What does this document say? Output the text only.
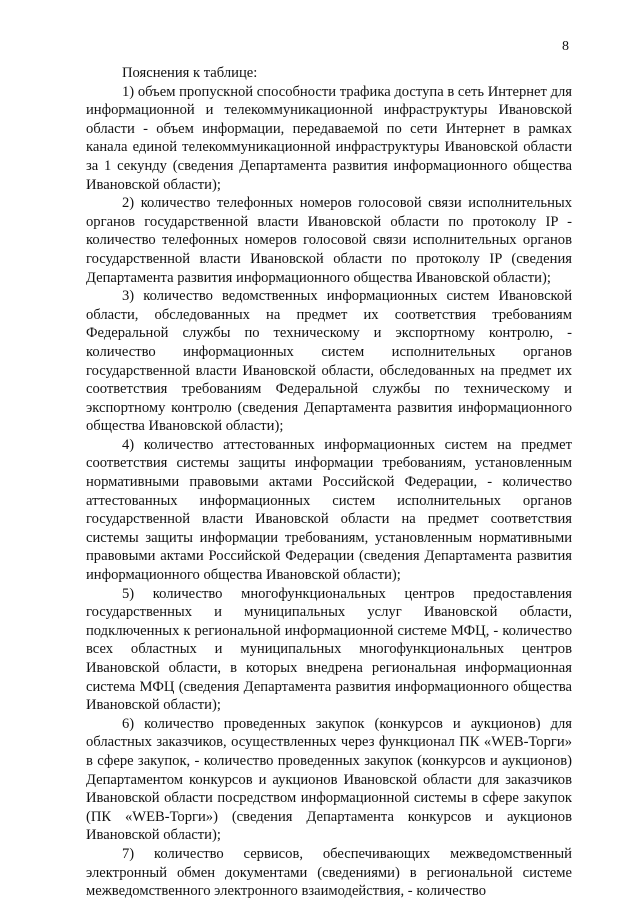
8

Пояснения к таблице:

1) объем пропускной способности трафика доступа в сеть Интернет для информационной и телекоммуникационной инфраструктуры Ивановской области - объем информации, передаваемой по сети Интернет в рамках канала единой телекоммуникационной инфраструктуры Ивановской области за 1 секунду (сведения Департамента развития информационного общества Ивановской области);

2) количество телефонных номеров голосовой связи исполнительных органов государственной власти Ивановской области по протоколу IP - количество телефонных номеров голосовой связи исполнительных органов государственной власти Ивановской области по протоколу IP (сведения Департамента развития информационного общества Ивановской области);

3) количество ведомственных информационных систем Ивановской области, обследованных на предмет их соответствия требованиям Федеральной службы по техническому и экспортному контролю, - количество информационных систем исполнительных органов государственной власти Ивановской области, обследованных на предмет их соответствия требованиям Федеральной службы по техническому и экспортному контролю (сведения Департамента развития информационного общества Ивановской области);

4) количество аттестованных информационных систем на предмет соответствия системы защиты информации требованиям, установленным нормативными правовыми актами Российской Федерации, - количество аттестованных информационных систем исполнительных органов государственной власти Ивановской области на предмет соответствия системы защиты информации требованиям, установленным нормативными правовыми актами Российской Федерации (сведения Департамента развития информационного общества Ивановской области);

5) количество многофункциональных центров предоставления государственных и муниципальных услуг Ивановской области, подключенных к региональной информационной системе МФЦ, - количество всех областных и муниципальных многофункциональных центров Ивановской области, в которых внедрена региональная информационная система МФЦ (сведения Департамента развития информационного общества Ивановской области);

6) количество проведенных закупок (конкурсов и аукционов) для областных заказчиков, осуществленных через функционал ПК «WEB-Торги» в сфере закупок, - количество проведенных закупок (конкурсов и аукционов) Департаментом конкурсов и аукционов Ивановской области для заказчиков Ивановской области посредством информационной системы в сфере закупок (ПК «WEB-Торги») (сведения Департамента конкурсов и аукционов Ивановской области);

7) количество сервисов, обеспечивающих межведомственный электронный обмен документами (сведениями) в региональной системе межведомственного электронного взаимодействия, - количество
